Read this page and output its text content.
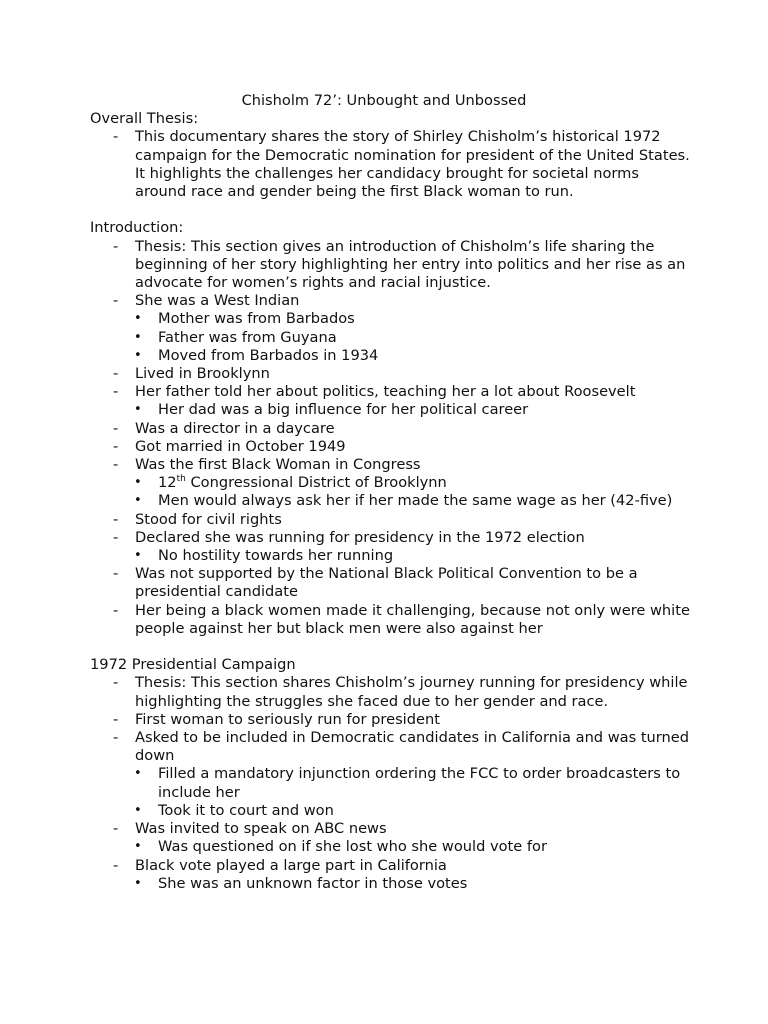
Chisholm 72’: Unbought and Unbossed
Overall Thesis:
- This documentary shares the story of Shirley Chisholm’s historical 1972 campaign for the Democratic nomination for president of the United States. It highlights the challenges her candidacy brought for societal norms around race and gender being the first Black woman to run.
Introduction:
- Thesis: This section gives an introduction of Chisholm’s life sharing the beginning of her story highlighting her entry into politics and her rise as an advocate for women’s rights and racial injustice.
- She was a West Indian
• Mother was from Barbados
• Father was from Guyana
• Moved from Barbados in 1934
- Lived in Brooklynn
- Her father told her about politics, teaching her a lot about Roosevelt
• Her dad was a big influence for her political career
- Was a director in a daycare
- Got married in October 1949
- Was the first Black Woman in Congress
• 12th Congressional District of Brooklynn
• Men would always ask her if her made the same wage as her (42-five)
- Stood for civil rights
- Declared she was running for presidency in the 1972 election
• No hostility towards her running
- Was not supported by the National Black Political Convention to be a presidential candidate
- Her being a black women made it challenging, because not only were white people against her but black men were also against her
1972 Presidential Campaign
- Thesis: This section shares Chisholm’s journey running for presidency while highlighting the struggles she faced due to her gender and race.
- First woman to seriously run for president
- Asked to be included in Democratic candidates in California and was turned down
• Filled a mandatory injunction ordering the FCC to order broadcasters to include her
• Took it to court and won
- Was invited to speak on ABC news
• Was questioned on if she lost who she would vote for
- Black vote played a large part in California
• She was an unknown factor in those votes
